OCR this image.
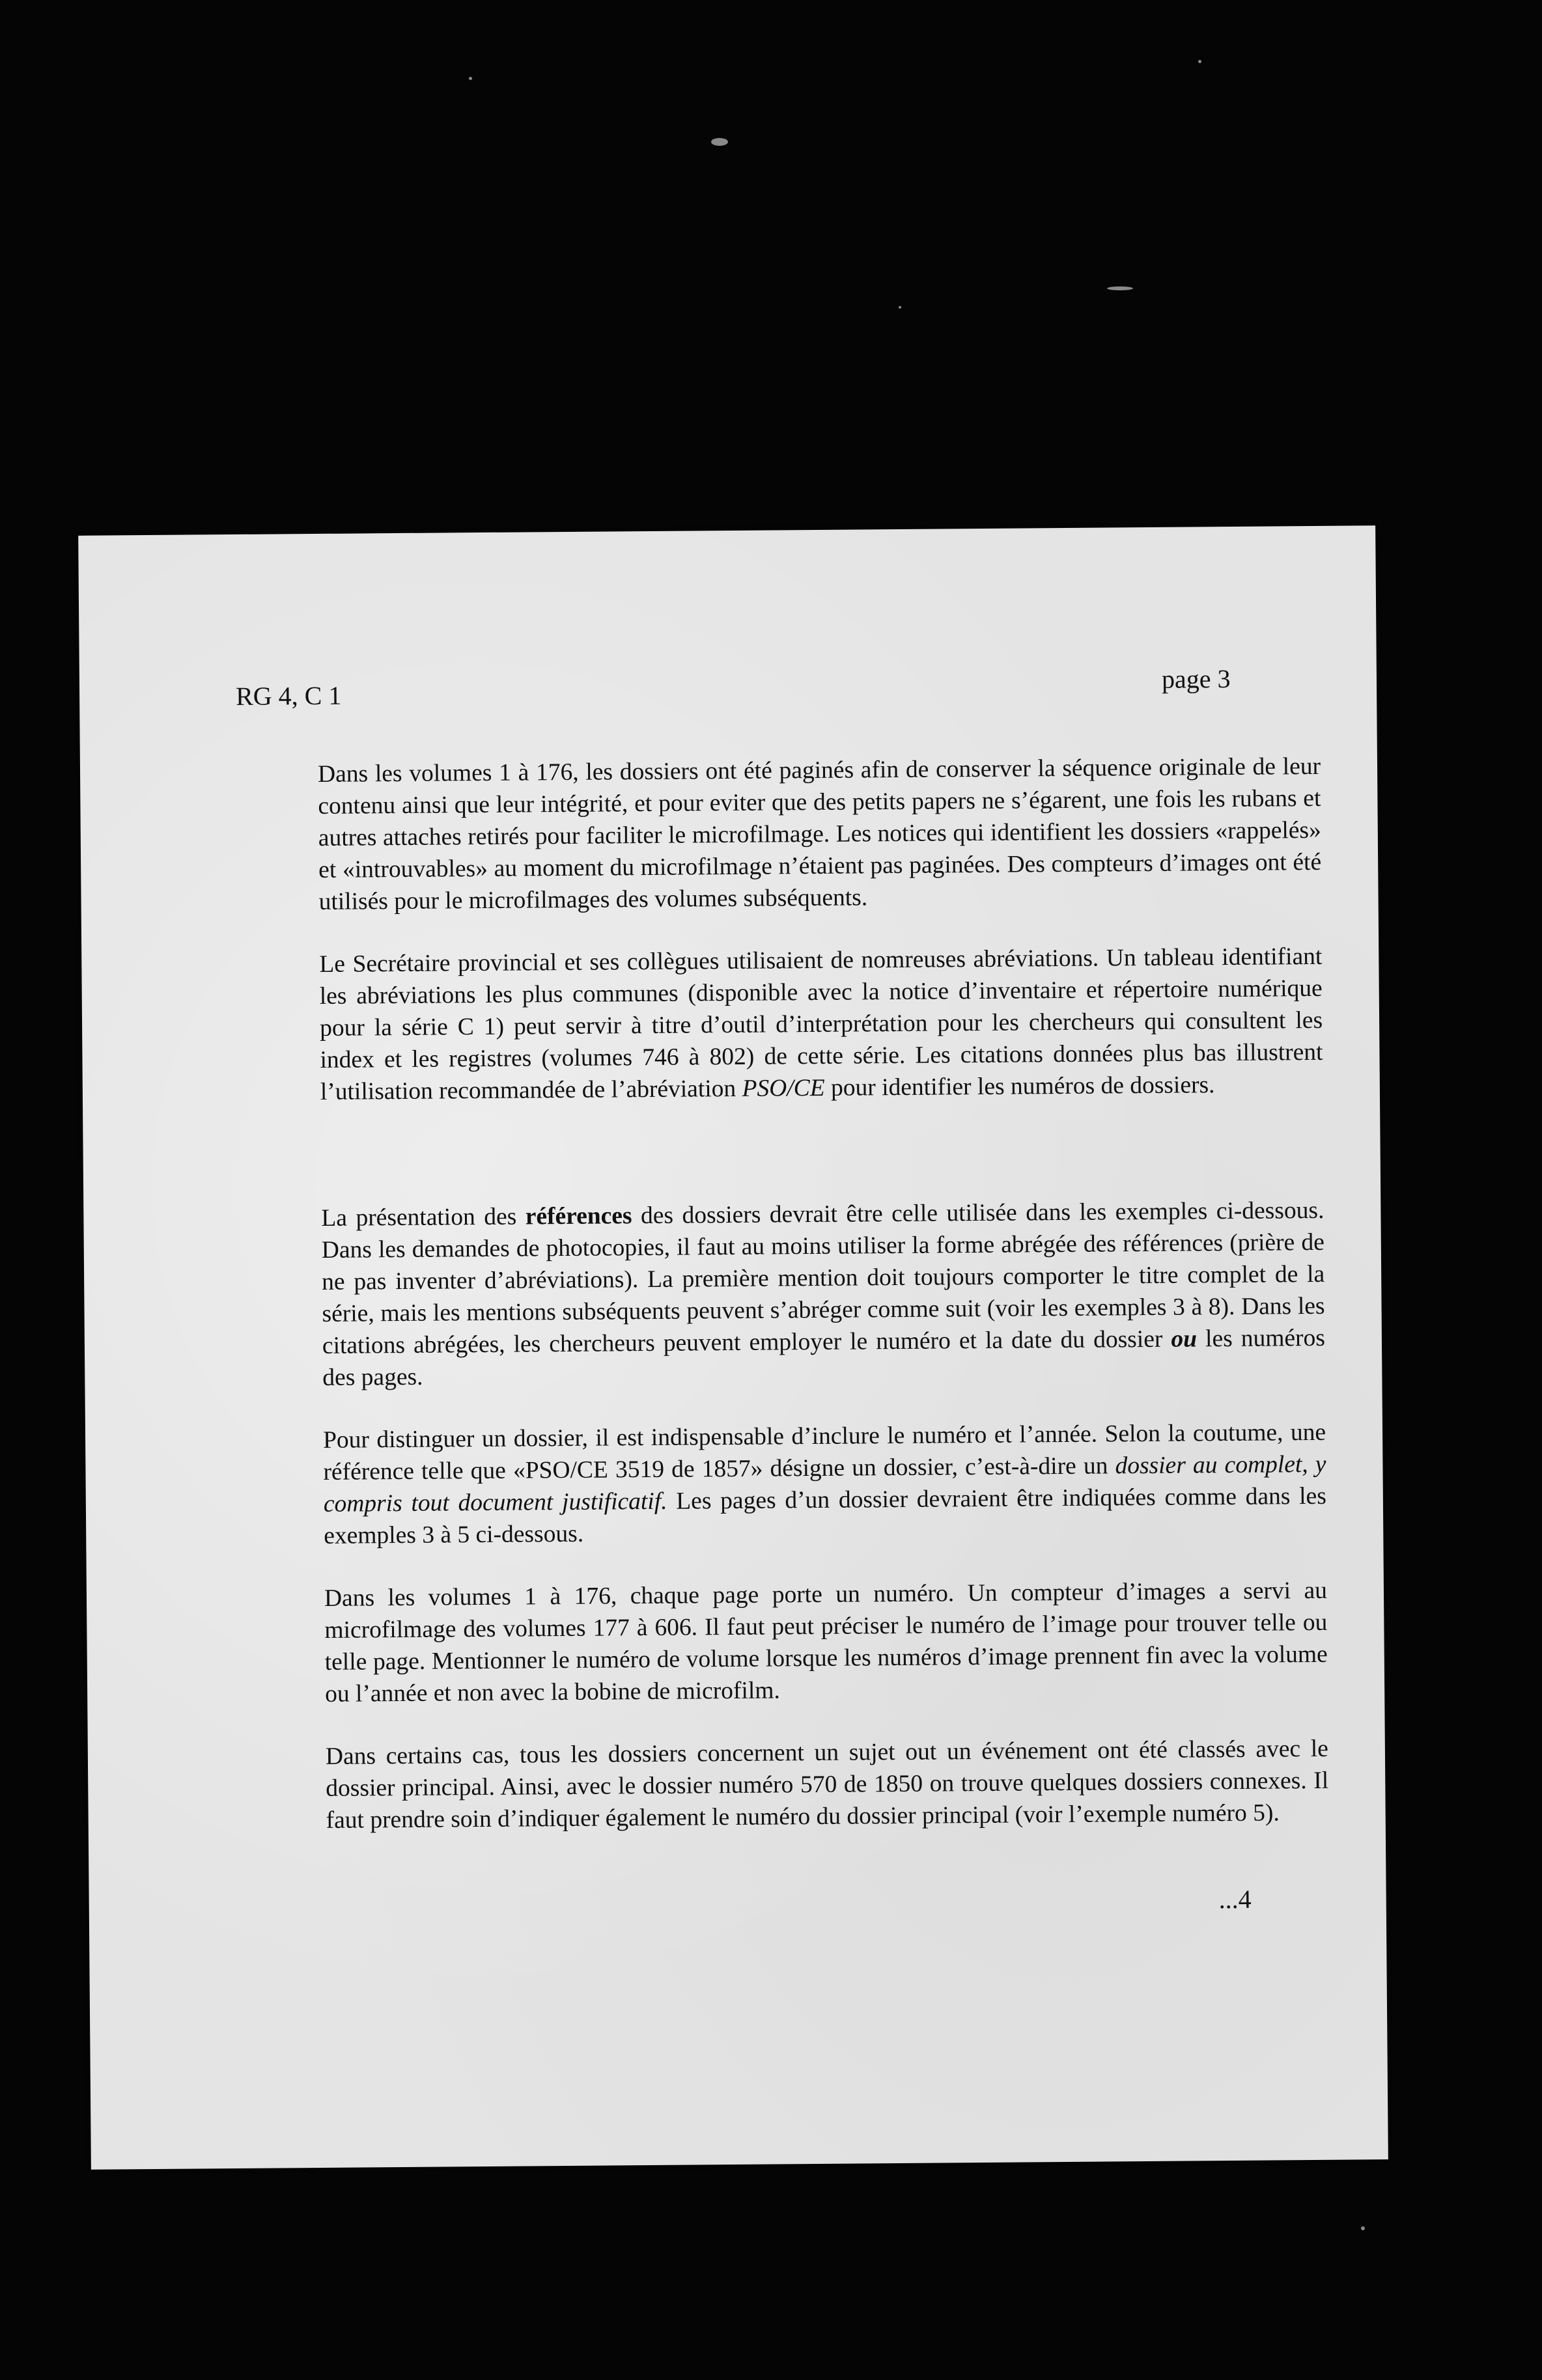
RG 4, C 1
page 3

Dans les volumes 1 à 176, les dossiers ont été paginés afin de conserver la séquence originale de leur contenu ainsi que leur intégrité, et pour eviter que des petits papers ne s’égarent, une fois les rubans et autres attaches retirés pour faciliter le microfilmage. Les notices qui identifient les dossiers «rappelés» et «introuvables» au moment du microfilmage n’étaient pas paginées. Des compteurs d’images ont été utilisés pour le microfilmages des volumes subséquents.

Le Secrétaire provincial et ses collègues utilisaient de nomreuses abréviations. Un tableau identifiant les abréviations les plus communes (disponible avec la notice d’inventaire et répertoire numérique pour la série C 1) peut servir à titre d’outil d’interprétation pour les chercheurs qui consultent les index et les registres (volumes 746 à 802) de cette série. Les citations données plus bas illustrent l’utilisation recommandée de l’abréviation PSO/CE pour identifier les numéros de dossiers.

La présentation des références des dossiers devrait être celle utilisée dans les exemples ci-dessous. Dans les demandes de photocopies, il faut au moins utiliser la forme abrégée des références (prière de ne pas inventer d’abréviations). La première mention doit toujours comporter le titre complet de la série, mais les mentions subséquents peuvent s’abréger comme suit (voir les exemples 3 à 8). Dans les citations abrégées, les chercheurs peuvent employer le numéro et la date du dossier ou les numéros des pages.

Pour distinguer un dossier, il est indispensable d’inclure le numéro et l’année. Selon la coutume, une référence telle que «PSO/CE 3519 de 1857» désigne un dossier, c’est-à-dire un dossier au complet, y compris tout document justificatif. Les pages d’un dossier devraient être indiquées comme dans les exemples 3 à 5 ci-dessous.

Dans les volumes 1 à 176, chaque page porte un numéro. Un compteur d’images a servi au microfilmage des volumes 177 à 606. Il faut peut préciser le numéro de l’image pour trouver telle ou telle page. Mentionner le numéro de volume lorsque les numéros d’image prennent fin avec la volume ou l’année et non avec la bobine de microfilm.

Dans certains cas, tous les dossiers concernent un sujet out un événement ont été classés avec le dossier principal. Ainsi, avec le dossier numéro 570 de 1850 on trouve quelques dossiers connexes. Il faut prendre soin d’indiquer également le numéro du dossier principal (voir l’exemple numéro 5).

...4
